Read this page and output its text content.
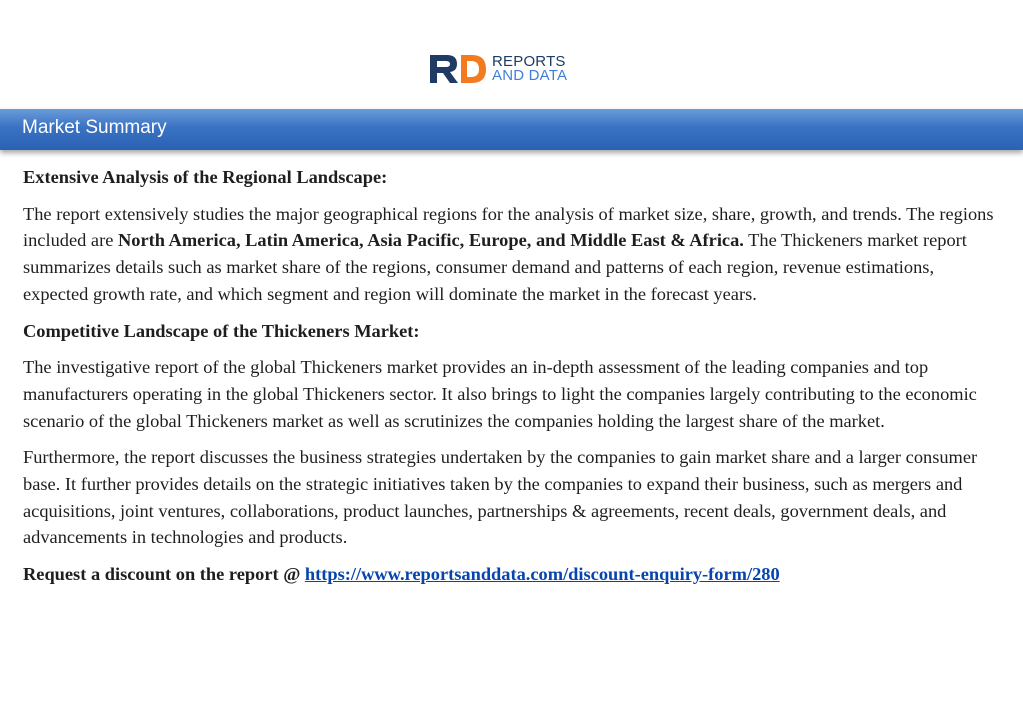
REPORTS
AND DATA
Market Summary
Extensive Analysis of the Regional Landscape:

The report extensively studies the major geographical regions for the analysis of market size, share, growth, and trends. The regions included are North America, Latin America, Asia Pacific, Europe, and Middle East & Africa. The Thickeners market report summarizes details such as market share of the regions, consumer demand and patterns of each region, revenue estimations, expected growth rate, and which segment and region will dominate the market in the forecast years.

Competitive Landscape of the Thickeners Market:

The investigative report of the global Thickeners market provides an in-depth assessment of the leading companies and top manufacturers operating in the global Thickeners sector. It also brings to light the companies largely contributing to the economic scenario of the global Thickeners market as well as scrutinizes the companies holding the largest share of the market.

Furthermore, the report discusses the business strategies undertaken by the companies to gain market share and a larger consumer base. It further provides details on the strategic initiatives taken by the companies to expand their business, such as mergers and acquisitions, joint ventures, collaborations, product launches, partnerships & agreements, recent deals, government deals, and advancements in technologies and products.

Request a discount on the report @ https://www.reportsanddata.com/discount-enquiry-form/280
